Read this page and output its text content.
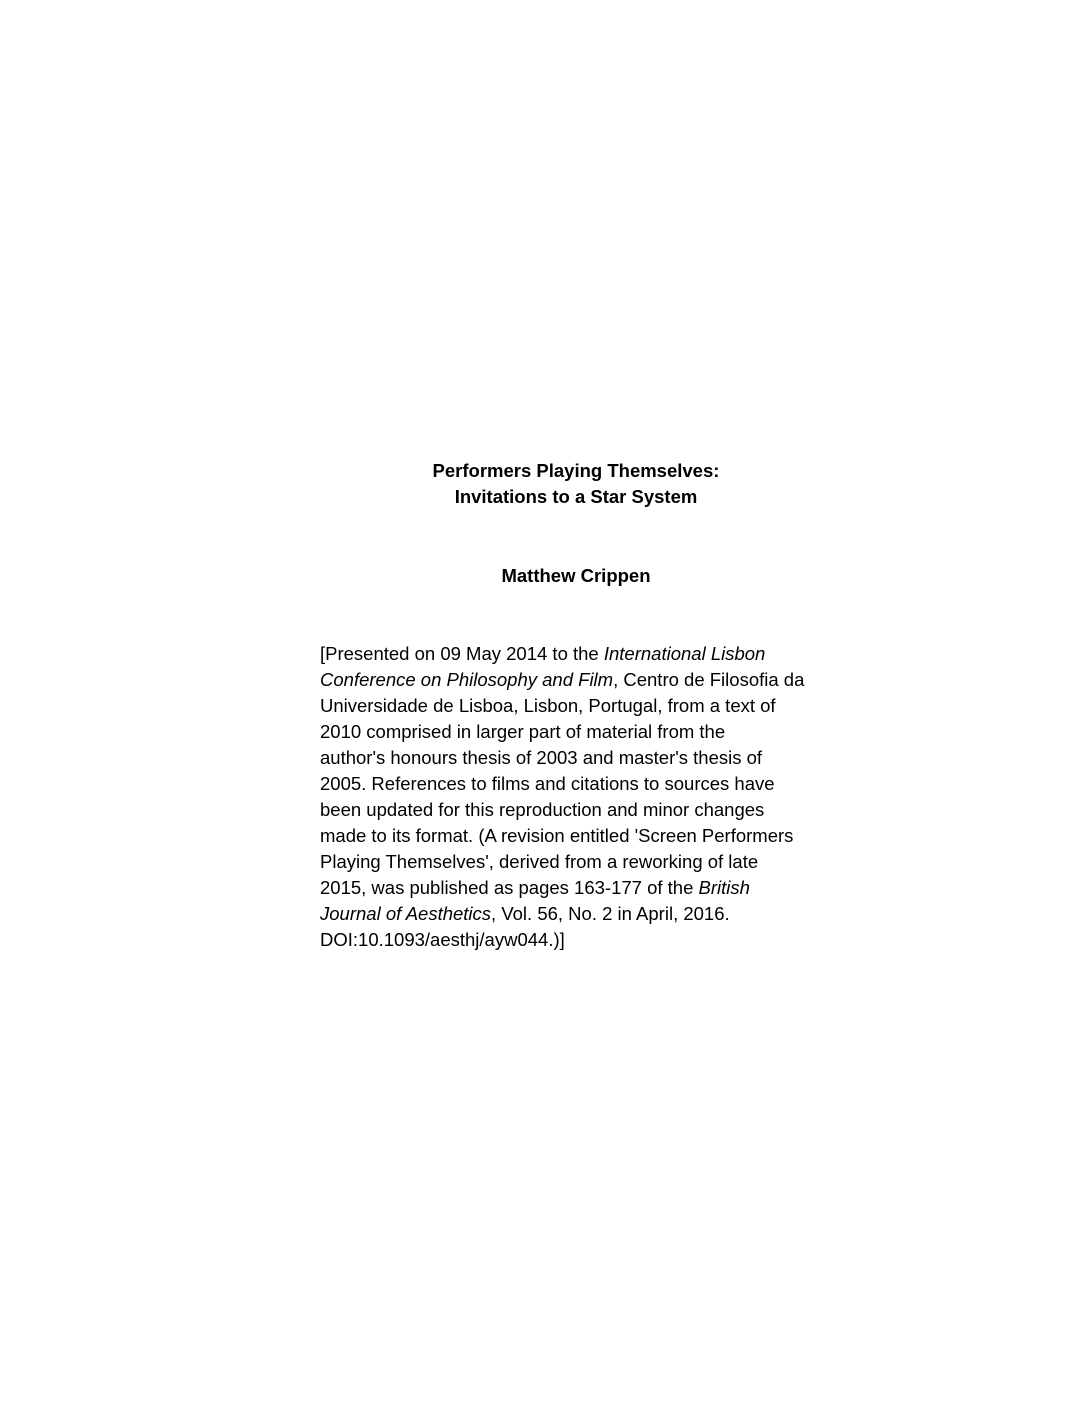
Performers Playing Themselves:
Invitations to a Star System
Matthew Crippen
[Presented on 09 May 2014 to the International Lisbon
Conference on Philosophy and Film, Centro de Filosofia da
Universidade de Lisboa, Lisbon, Portugal, from a text of
2010 comprised in larger part of material from the
author's honours thesis of 2003 and master's thesis of
2005. References to films and citations to sources have
been updated for this reproduction and minor changes
made to its format. (A revision entitled 'Screen Performers
Playing Themselves', derived from a reworking of late
2015, was published as pages 163-177 of the British
Journal of Aesthetics, Vol. 56, No. 2 in April, 2016.
DOI:10.1093/aesthj/ayw044.)]
